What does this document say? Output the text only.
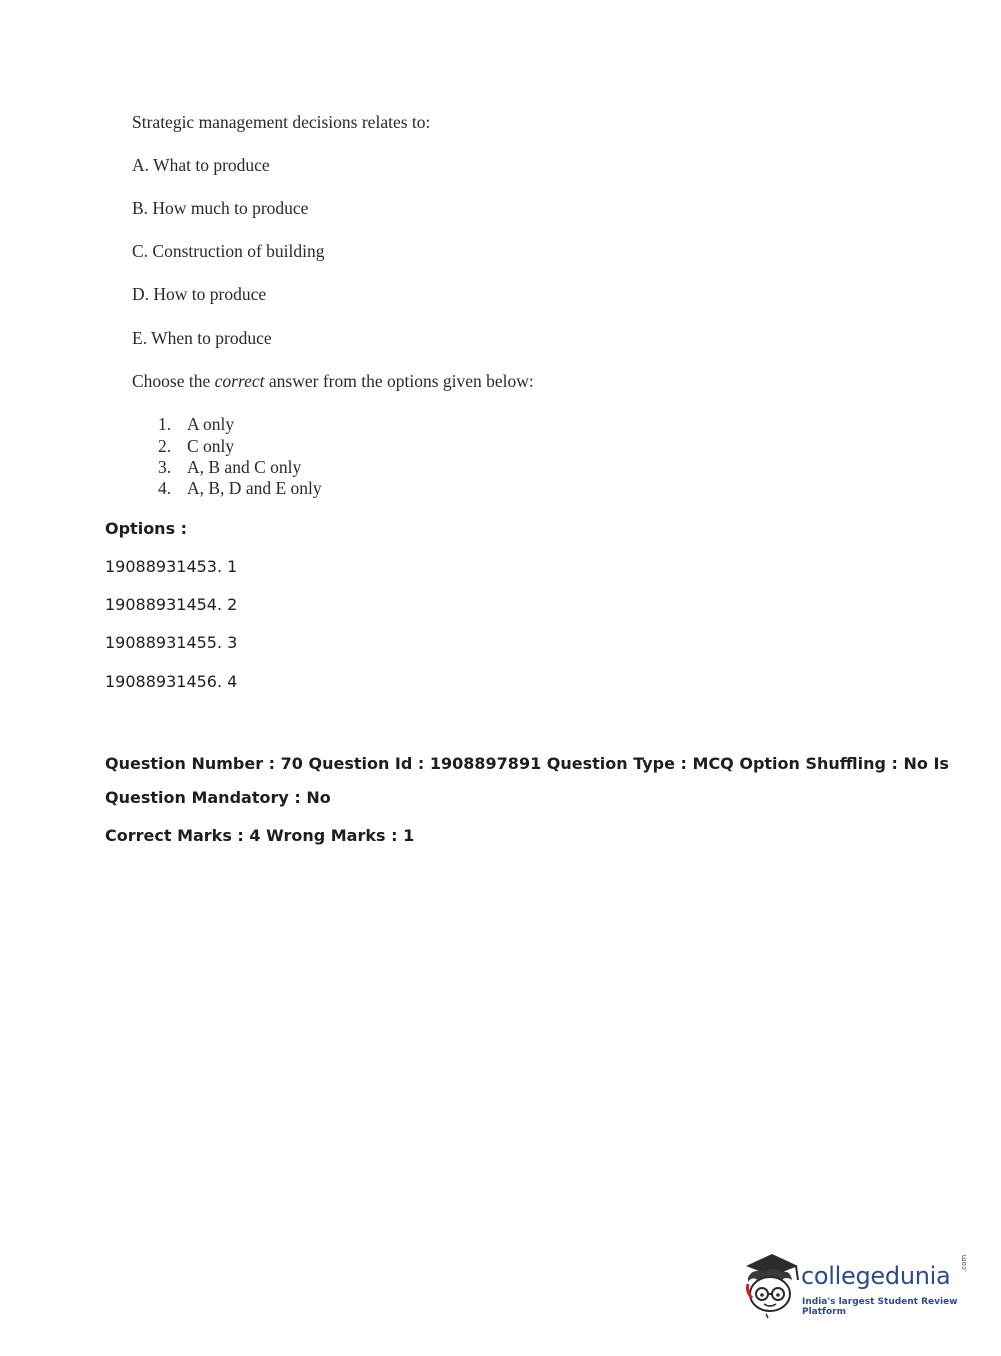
Strategic management decisions relates to:
A. What to produce
B. How much to produce
C. Construction of building
D. How to produce
E. When to produce
Choose the correct answer from the options given below:
1. A only
2. C only
3. A, B and C only
4. A, B, D and E only
Options :
19088931453. 1
19088931454. 2
19088931455. 3
19088931456. 4
Question Number : 70 Question Id : 1908897891 Question Type : MCQ Option Shuffling : No Is
Question Mandatory : No
Correct Marks : 4 Wrong Marks : 1
collegedunia .com
India's largest Student Review Platform
